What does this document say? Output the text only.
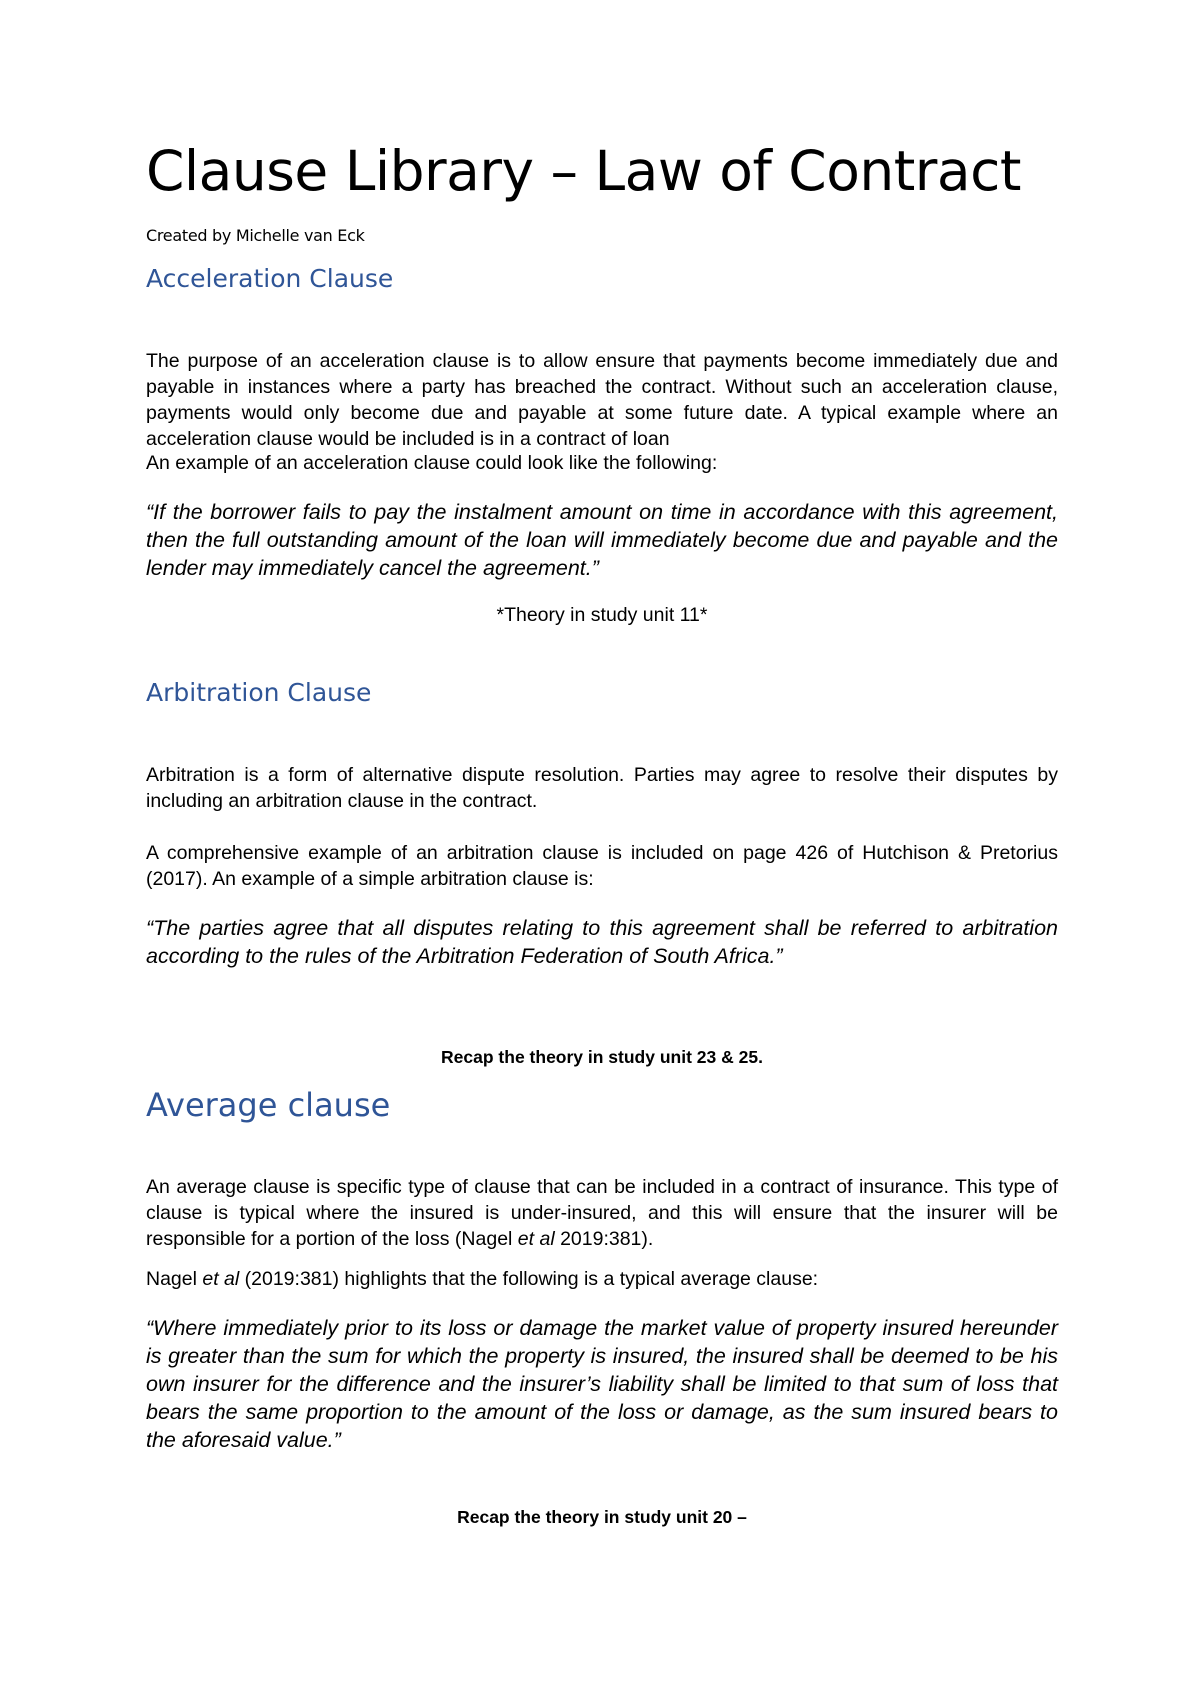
Clause Library – Law of Contract
Created by Michelle van Eck
Acceleration Clause

The purpose of an acceleration clause is to allow ensure that payments become immediately due and payable in instances where a party has breached the contract. Without such an acceleration clause, payments would only become due and payable at some future date. A typical example where an acceleration clause would be included is in a contract of loan

An example of an acceleration clause could look like the following:

“If the borrower fails to pay the instalment amount on time in accordance with this agreement, then the full outstanding amount of the loan will immediately become due and payable and the lender may immediately cancel the agreement.”

*Theory in study unit 11*

Arbitration Clause

Arbitration is a form of alternative dispute resolution. Parties may agree to resolve their disputes by including an arbitration clause in the contract.

A comprehensive example of an arbitration clause is included on page 426 of Hutchison & Pretorius (2017). An example of a simple arbitration clause is:

“The parties agree that all disputes relating to this agreement shall be referred to arbitration according to the rules of the Arbitration Federation of South Africa.”

Recap the theory in study unit 23 & 25.

Average clause

An average clause is specific type of clause that can be included in a contract of insurance. This type of clause is typical where the insured is under-insured, and this will ensure that the insurer will be responsible for a portion of the loss (Nagel et al 2019:381).

Nagel et al (2019:381) highlights that the following is a typical average clause:

“Where immediately prior to its loss or damage the market value of property insured hereunder is greater than the sum for which the property is insured, the insured shall be deemed to be his own insurer for the difference and the insurer’s liability shall be limited to that sum of loss that bears the same proportion to the amount of the loss or damage, as the sum insured bears to the aforesaid value.”

Recap the theory in study unit 20 –
